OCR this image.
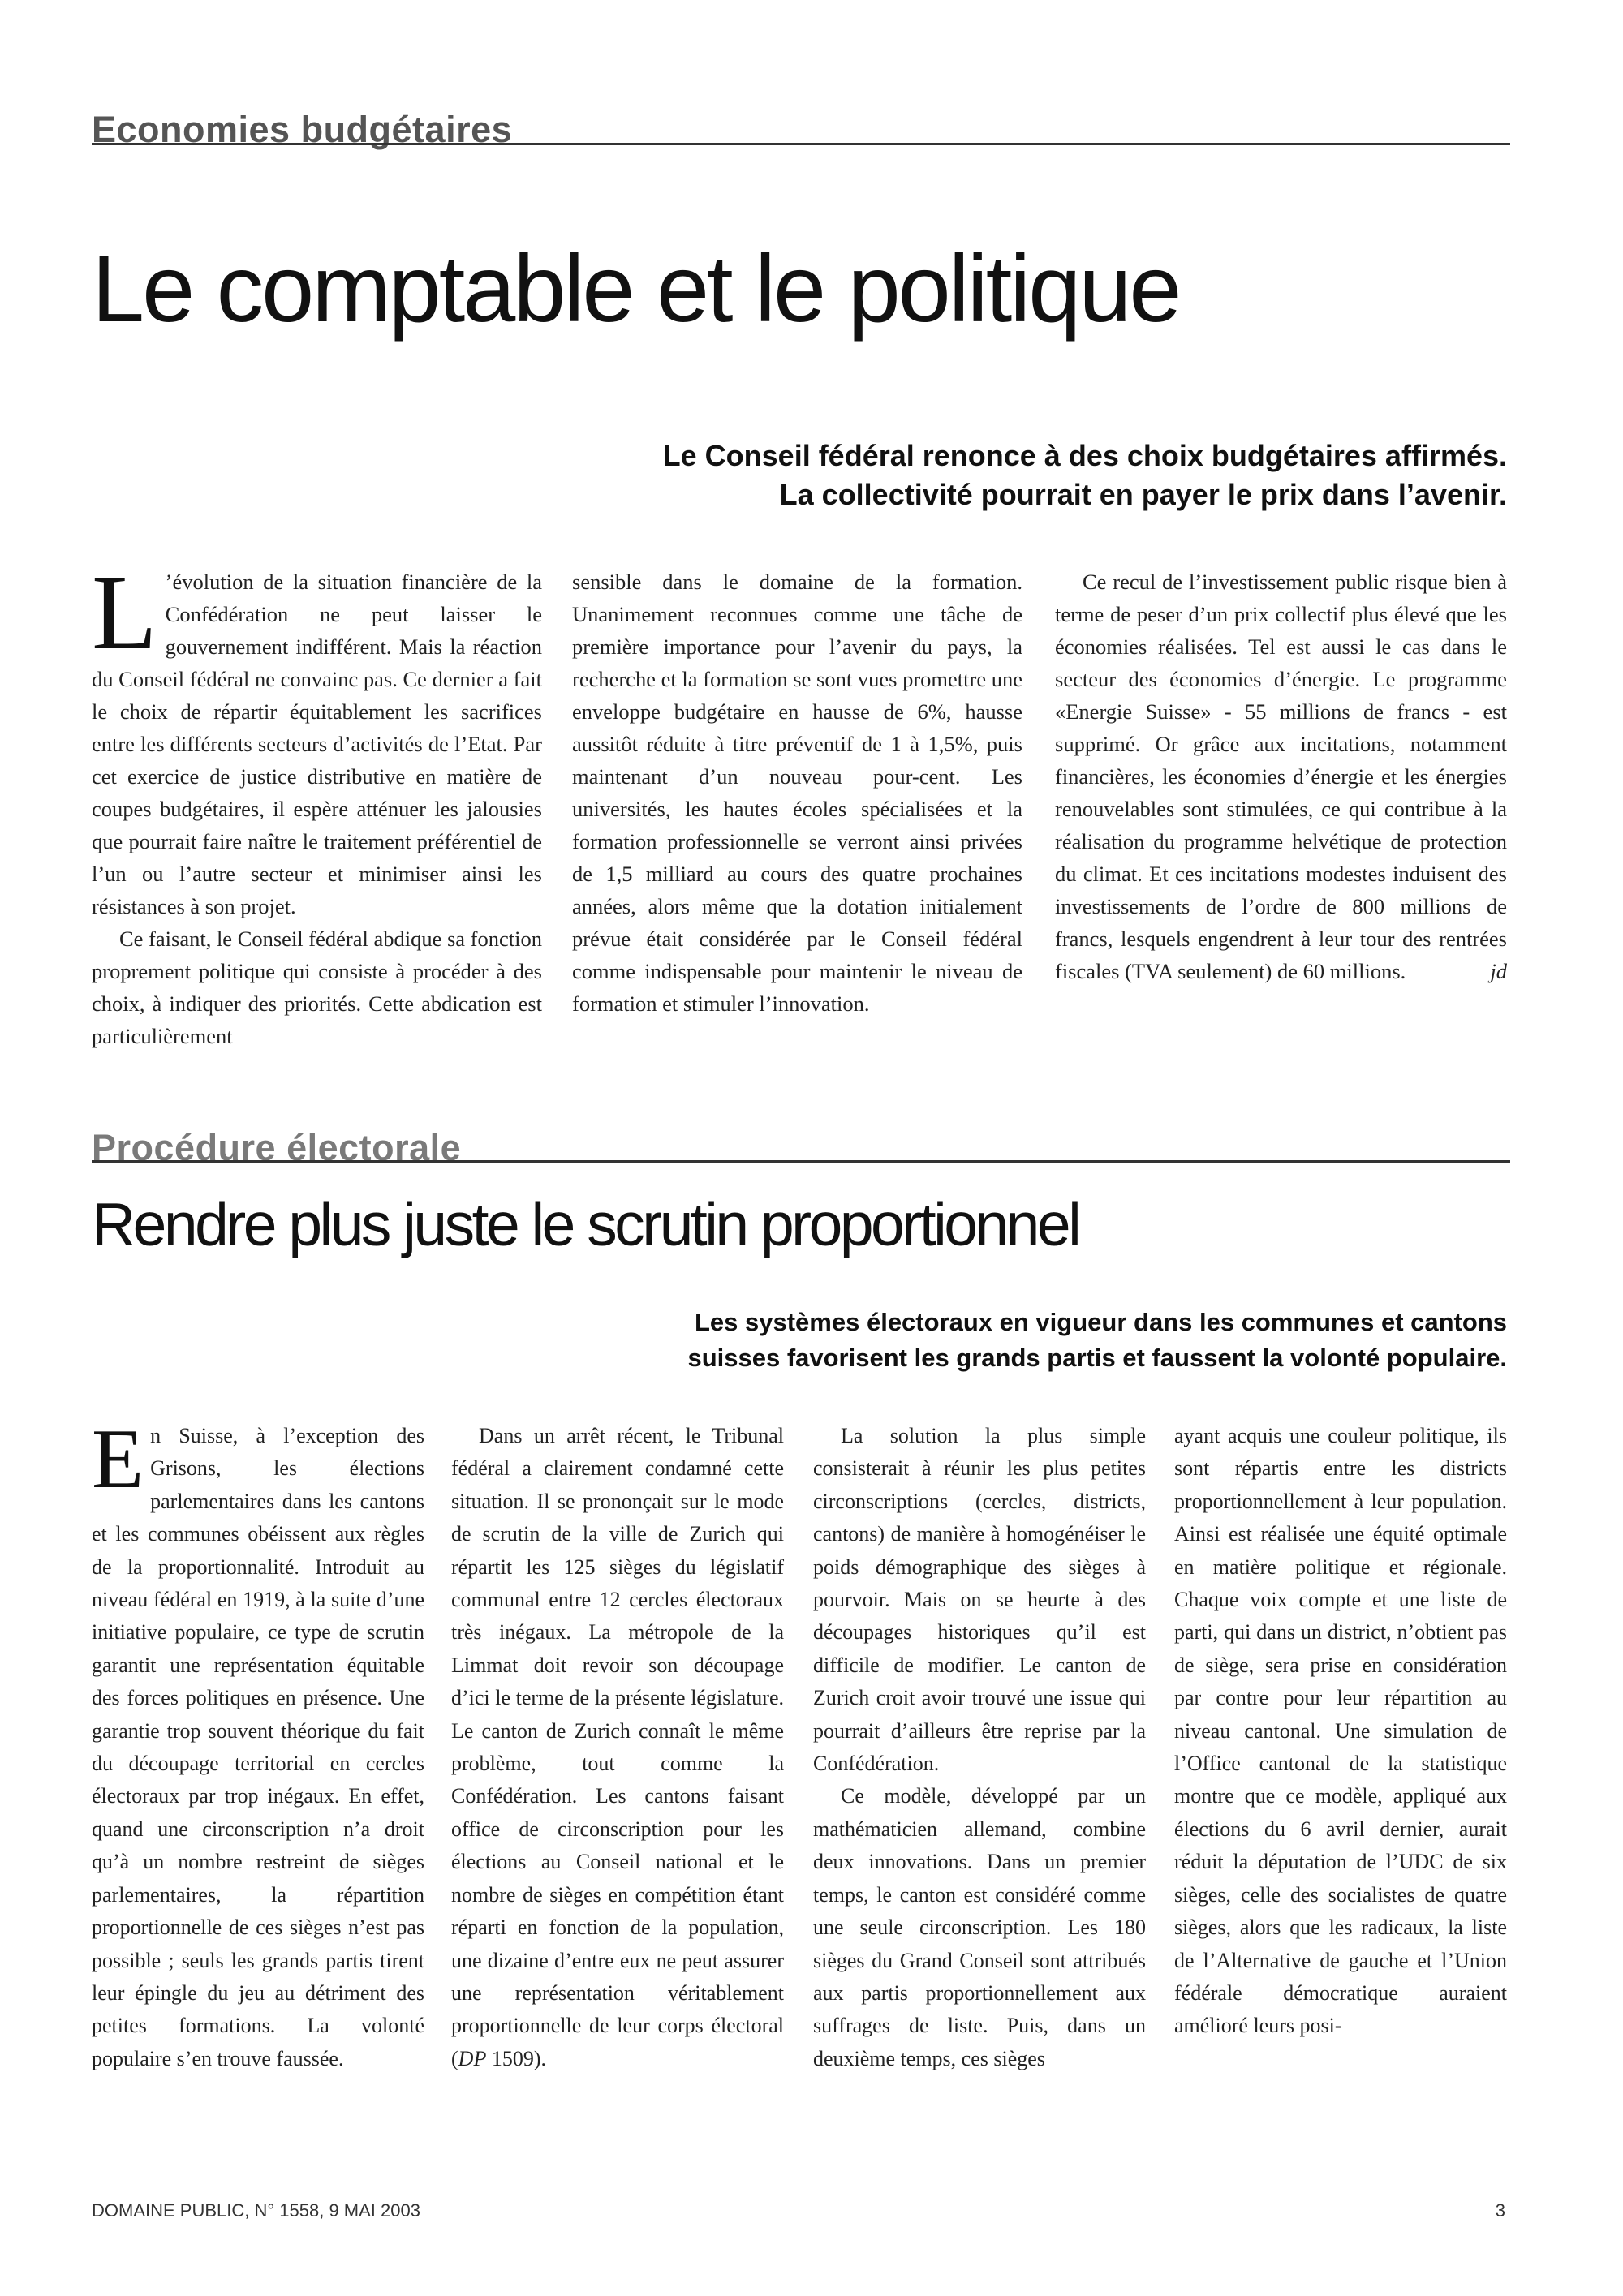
Economies budgétaires
Le comptable et le politique
Le Conseil fédéral renonce à des choix budgétaires affirmés.
La collectivité pourrait en payer le prix dans l’avenir.

L ’évolution de la situation financière de la Confédération ne peut laisser le gouvernement indifférent. Mais la réaction du Conseil fédéral ne convainc pas. Ce dernier a fait le choix de répartir équitablement les sacrifices entre les différents secteurs d’activités de l’Etat. Par cet exercice de justice distributive en matière de coupes budgétaires, il espère atténuer les jalousies que pourrait faire naître le traitement préférentiel de l’un ou l’autre secteur et minimiser ainsi les résistances à son projet.

Ce faisant, le Conseil fédéral abdique sa fonction proprement politique qui consiste à procéder à des choix, à indiquer des priorités. Cette abdication est particulièrement

sensible dans le domaine de la formation. Unanimement reconnues comme une tâche de première importance pour l’avenir du pays, la recherche et la formation se sont vues promettre une enveloppe budgétaire en hausse de 6%, hausse aussitôt réduite à titre préventif de 1 à 1,5%, puis maintenant d’un nouveau pour-cent. Les universités, les hautes écoles spécialisées et la formation professionnelle se verront ainsi privées de 1,5 milliard au cours des quatre prochaines années, alors même que la dotation initialement prévue était considérée par le Conseil fédéral comme indispensable pour maintenir le niveau de formation et stimuler l’innovation.

Ce recul de l’investissement public risque bien à terme de peser d’un prix collectif plus élevé que les économies réalisées. Tel est aussi le cas dans le secteur des économies d’énergie. Le programme «Energie Suisse» - 55 millions de francs - est supprimé. Or grâce aux incitations, notamment financières, les économies d’énergie et les énergies renouvelables sont stimulées, ce qui contribue à la réalisation du programme helvétique de protection du climat. Et ces incitations modestes induisent des investissements de l’ordre de 800 millions de francs, lesquels engendrent à leur tour des rentrées fiscales (TVA seulement) de 60 millions.	jd

Procédure électorale
Rendre plus juste le scrutin proportionnel
Les systèmes électoraux en vigueur dans les communes et cantons
suisses favorisent les grands partis et faussent la volonté populaire.

En Suisse, à l’exception des Grisons, les élections parlementaires dans les cantons et les communes obéissent aux règles de la proportionnalité. Introduit au niveau fédéral en 1919, à la suite d’une initiative populaire, ce type de scrutin garantit une représentation équitable des forces politiques en présence. Une garantie trop souvent théorique du fait du découpage territorial en cercles électoraux par trop inégaux. En effet, quand une circonscription n’a droit qu’à un nombre restreint de sièges parlementaires, la répartition proportionnelle de ces sièges n’est pas possible ; seuls les grands partis tirent leur épingle du jeu au détriment des petites formations. La volonté populaire s’en trouve faussée.

Dans un arrêt récent, le Tribunal fédéral a clairement condamné cette situation. Il se prononçait sur le mode de scrutin de la ville de Zurich qui répartit les 125 sièges du législatif communal entre 12 cercles électoraux très inégaux. La métropole de la Limmat doit revoir son découpage d’ici le terme de la présente législature. Le canton de Zurich connaît le même problème, tout comme la Confédération. Les cantons faisant office de circonscription pour les élections au Conseil national et le nombre de sièges en compétition étant réparti en fonction de la population, une dizaine d’entre eux ne peut assurer une représentation véritablement proportionnelle de leur corps électoral (DP 1509).

La solution la plus simple consisterait à réunir les plus petites circonscriptions (cercles, districts, cantons) de manière à homogénéiser le poids démographique des sièges à pourvoir. Mais on se heurte à des découpages historiques qu’il est difficile de modifier. Le canton de Zurich croit avoir trouvé une issue qui pourrait d’ailleurs être reprise par la Confédération.

Ce modèle, développé par un mathématicien allemand, combine deux innovations. Dans un premier temps, le canton est considéré comme une seule circonscription. Les 180 sièges du Grand Conseil sont attribués aux partis proportionnellement aux suffrages de liste. Puis, dans un deuxième temps, ces sièges

ayant acquis une couleur politique, ils sont répartis entre les districts proportionnellement à leur population. Ainsi est réalisée une équité optimale en matière politique et régionale. Chaque voix compte et une liste de parti, qui dans un district, n’obtient pas de siège, sera prise en considération par contre pour leur répartition au niveau cantonal. Une simulation de l’Office cantonal de la statistique montre que ce modèle, appliqué aux élections du 6 avril dernier, aurait réduit la députation de l’UDC de six sièges, celle des socialistes de quatre sièges, alors que les radicaux, la liste de l’Alternative de gauche et l’Union fédérale démocratique auraient amélioré leurs posi-

DOMAINE PUBLIC, N° 1558, 9 MAI 2003	3
